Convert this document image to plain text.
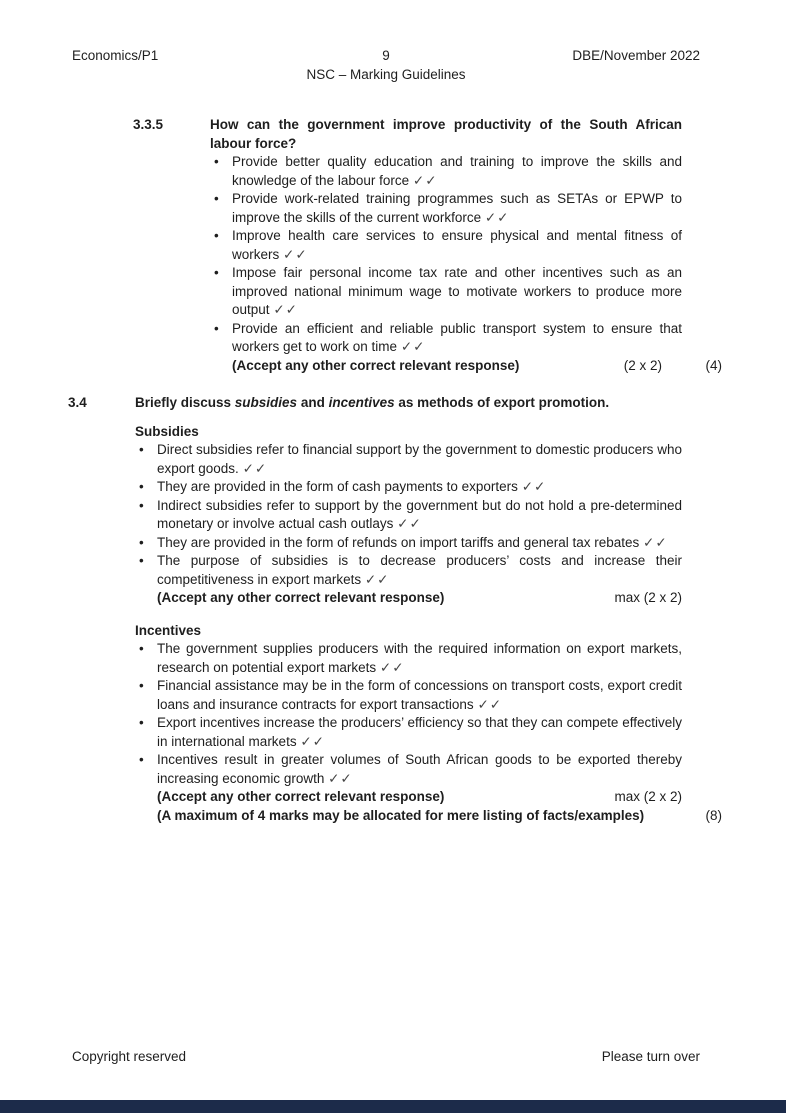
Economics/P1	9	DBE/November 2022
NSC – Marking Guidelines
3.3.5	How can the government improve productivity of the South African labour force?
• Provide better quality education and training to improve the skills and knowledge of the labour force ✓✓
• Provide work-related training programmes such as SETAs or EPWP to improve the skills of the current workforce ✓✓
• Improve health care services to ensure physical and mental fitness of workers ✓✓
• Impose fair personal income tax rate and other incentives such as an improved national minimum wage to motivate workers to produce more output ✓✓
• Provide an efficient and reliable public transport system to ensure that workers get to work on time ✓✓
(Accept any other correct relevant response)	(2 x 2)	(4)
3.4	Briefly discuss subsidies and incentives as methods of export promotion.
Subsidies
• Direct subsidies refer to financial support by the government to domestic producers who export goods. ✓✓
• They are provided in the form of cash payments to exporters ✓✓
• Indirect subsidies refer to support by the government but do not hold a pre-determined monetary or involve actual cash outlays ✓✓
• They are provided in the form of refunds on import tariffs and general tax rebates ✓✓
• The purpose of subsidies is to decrease producers’ costs and increase their competitiveness in export markets ✓✓
(Accept any other correct relevant response)	max (2 x 2)
Incentives
• The government supplies producers with the required information on export markets, research on potential export markets ✓✓
• Financial assistance may be in the form of concessions on transport costs, export credit loans and insurance contracts for export transactions ✓✓
• Export incentives increase the producers’ efficiency so that they can compete effectively in international markets ✓✓
• Incentives result in greater volumes of South African goods to be exported thereby increasing economic growth ✓✓
(Accept any other correct relevant response)	max (2 x 2)
(A maximum of 4 marks may be allocated for mere listing of facts/examples)	(8)
Copyright reserved	Please turn over
